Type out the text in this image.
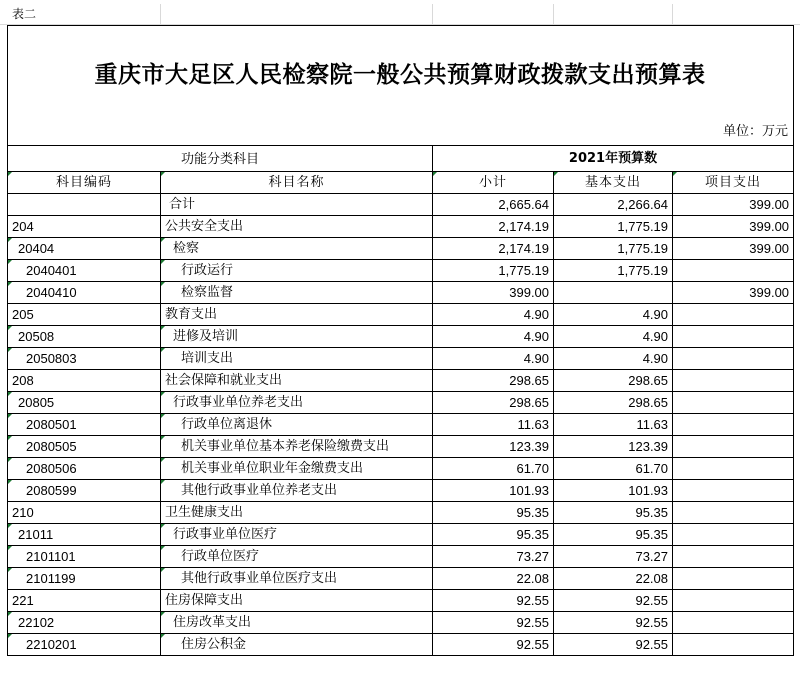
表二
重庆市大足区人民检察院一般公共预算财政拨款支出预算表
单位：万元
功能分类科目		2021年预算数		
科目编码	科目名称	小计	基本支出	项目支出
	合计	2,665.64	2,266.64	399.00
204	公共安全支出	2,174.19	1,775.19	399.00
20404	检察	2,174.19	1,775.19	399.00
2040401	行政运行	1,775.19	1,775.19	
2040410	检察监督	399.00		399.00
205	教育支出	4.90	4.90	
20508	进修及培训	4.90	4.90	
2050803	培训支出	4.90	4.90	
208	社会保障和就业支出	298.65	298.65	
20805	行政事业单位养老支出	298.65	298.65	
2080501	行政单位离退休	11.63	11.63	
2080505	机关事业单位基本养老保险缴费支出	123.39	123.39	
2080506	机关事业单位职业年金缴费支出	61.70	61.70	
2080599	其他行政事业单位养老支出	101.93	101.93	
210	卫生健康支出	95.35	95.35	
21011	行政事业单位医疗	95.35	95.35	
2101101	行政单位医疗	73.27	73.27	
2101199	其他行政事业单位医疗支出	22.08	22.08	
221	住房保障支出	92.55	92.55	
22102	住房改革支出	92.55	92.55	
2210201	住房公积金	92.55	92.55	
